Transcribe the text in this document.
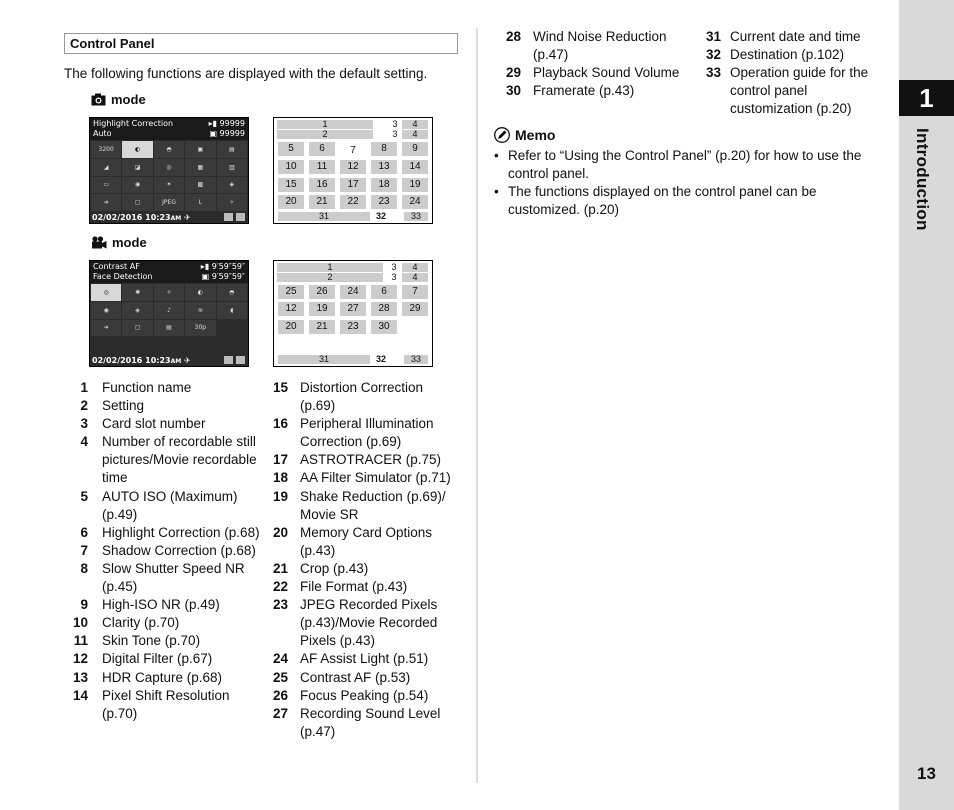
Control Panel
The following functions are displayed with the default setting.
mode
Highlight Correction
Auto
▸▮ 99999
▣ 99999
3200	◐	◓	▣	▤
◢	◪	◎	▦	▥
▭	◉	✶	▩	◈
➔	▢	JPEG	L	✧
02/02/2016 10:23AM ✈
1
2
3
3
4
4
5	6	7	8	9
10	11	12	13	14
15	16	17	18	19
20	21	22	23	24
31	32	33
mode
Contrast AF
Face Detection
▸▮ 9′59″59″
▣ 9′59″59″
◎	✺	✧	◐	◓
◉	◈	♪	≋	◖
➔	▢	▤	30p
02/02/2016 10:23AM ✈
1
2
3
3
4
4
25	26	24	6	7
12	19	27	28	29
20	21	23	30
31	32	33
1 Function name
2 Setting
3 Card slot number
4 Number of recordable still pictures/Movie recordable time
5 AUTO ISO (Maximum) (p.49)
6 Highlight Correction (p.68)
7 Shadow Correction (p.68)
8 Slow Shutter Speed NR (p.45)
9 High-ISO NR (p.49)
10 Clarity (p.70)
11 Skin Tone (p.70)
12 Digital Filter (p.67)
13 HDR Capture (p.68)
14 Pixel Shift Resolution (p.70)
15 Distortion Correction (p.69)
16 Peripheral Illumination Correction (p.69)
17 ASTROTRACER (p.75)
18 AA Filter Simulator (p.71)
19 Shake Reduction (p.69)/ Movie SR
20 Memory Card Options (p.43)
21 Crop (p.43)
22 File Format (p.43)
23 JPEG Recorded Pixels (p.43)/Movie Recorded Pixels (p.43)
24 AF Assist Light (p.51)
25 Contrast AF (p.53)
26 Focus Peaking (p.54)
27 Recording Sound Level (p.47)
28 Wind Noise Reduction (p.47)
29 Playback Sound Volume
30 Framerate (p.43)
31 Current date and time
32 Destination (p.102)
33 Operation guide for the control panel customization (p.20)
Memo
• Refer to “Using the Control Panel” (p.20) for how to use the control panel.
• The functions displayed on the control panel can be customized. (p.20)
1
Introduction
13
